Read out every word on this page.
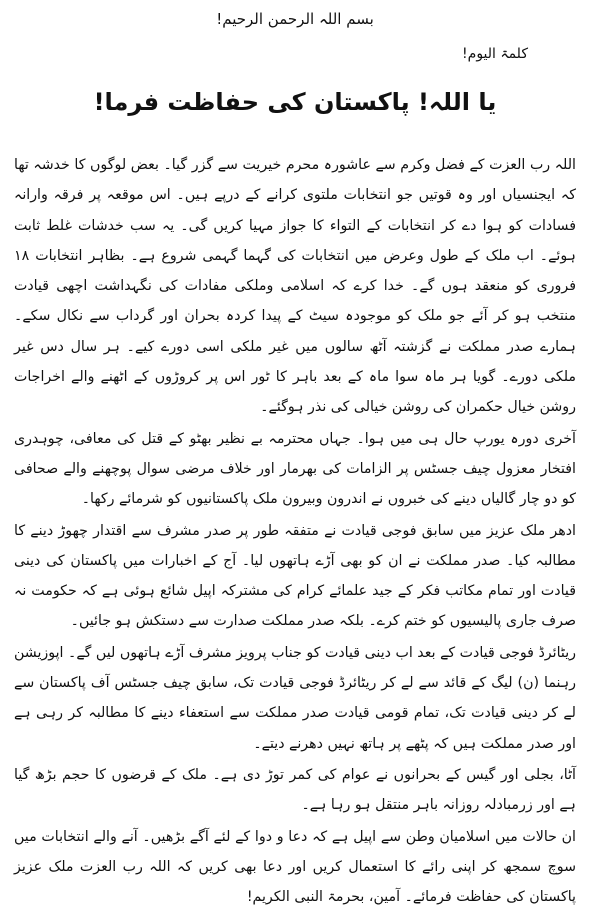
بسم اللہ الرحمن الرحیم!
کلمۃ الیوم!
یا اللہ! پاکستان کی حفاظت فرما!

اللہ رب العزت کے فضل وکرم سے عاشورہ محرم خیریت سے گزر گیا۔ بعض لوگوں کا خدشہ تھا کہ ایجنسیاں اور وہ قوتیں جو انتخابات ملتوی کرانے کے درپے ہیں۔ اس موقعہ پر فرقہ وارانہ فسادات کو ہوا دے کر انتخابات کے التواء کا جواز مہیا کریں گی۔ یہ سب خدشات غلط ثابت ہوئے۔ اب ملک کے طول وعرض میں انتخابات کی گہما گہمی شروع ہے۔ بظاہر انتخابات ۱۸ فروری کو منعقد ہوں گے۔ خدا کرے کہ اسلامی وملکی مفادات کی نگہداشت اچھی قیادت منتخب ہو کر آئے جو ملک کو موجودہ سیٹ کے پیدا کردہ بحران اور گرداب سے نکال سکے۔ ہمارے صدر مملکت نے گزشتہ آٹھ سالوں میں غیر ملکی اسی دورے کیے۔ ہر سال دس غیر ملکی دورے۔ گویا ہر ماہ سوا ماہ کے بعد باہر کا ٹور اس پر کروڑوں کے اٹھنے والے اخراجات روشن خیال حکمران کی روشن خیالی کی نذر ہوگئے۔

آخری دورہ یورپ حال ہی میں ہوا۔ جہاں محترمہ بے نظیر بھٹو کے قتل کی معافی، چوہدری افتخار معزول چیف جسٹس پر الزامات کی بھرمار اور خلاف مرضی سوال پوچھنے والے صحافی کو دو چار گالیاں دینے کی خبروں نے اندرون وبیرون ملک پاکستانیوں کو شرمائے رکھا۔

ادھر ملک عزیز میں سابق فوجی قیادت نے متفقہ طور پر صدر مشرف سے اقتدار چھوڑ دینے کا مطالبہ کیا۔ صدر مملکت نے ان کو بھی آڑے ہاتھوں لیا۔ آج کے اخبارات میں پاکستان کی دینی قیادت اور تمام مکاتب فکر کے جید علمائے کرام کی مشترکہ اپیل شائع ہوئی ہے کہ حکومت نہ صرف جاری پالیسیوں کو ختم کرے۔ بلکہ صدر مملکت صدارت سے دستکش ہو جائیں۔

ریٹائرڈ فوجی قیادت کے بعد اب دینی قیادت کو جناب پرویز مشرف آڑے ہاتھوں لیں گے۔ اپوزیشن رہنما (ن) لیگ کے قائد سے لے کر ریٹائرڈ فوجی قیادت تک، سابق چیف جسٹس آف پاکستان سے لے کر دینی قیادت تک، تمام قومی قیادت صدر مملکت سے استعفاء دینے کا مطالبہ کر رہی ہے اور صدر مملکت ہیں کہ پٹھے پر ہاتھ نہیں دھرنے دیتے۔

آٹا، بجلی اور گیس کے بحرانوں نے عوام کی کمر توڑ دی ہے۔ ملک کے قرضوں کا حجم بڑھ گیا ہے اور زرمبادلہ روزانہ باہر منتقل ہو رہا ہے۔

ان حالات میں اسلامیان وطن سے اپیل ہے کہ دعا و دوا کے لئے آگے بڑھیں۔ آنے والے انتخابات میں سوچ سمجھ کر اپنی رائے کا استعمال کریں اور دعا بھی کریں کہ اللہ رب العزت ملک عزیز پاکستان کی حفاظت فرمائے۔ آمین، بحرمۃ النبی الکریم!
